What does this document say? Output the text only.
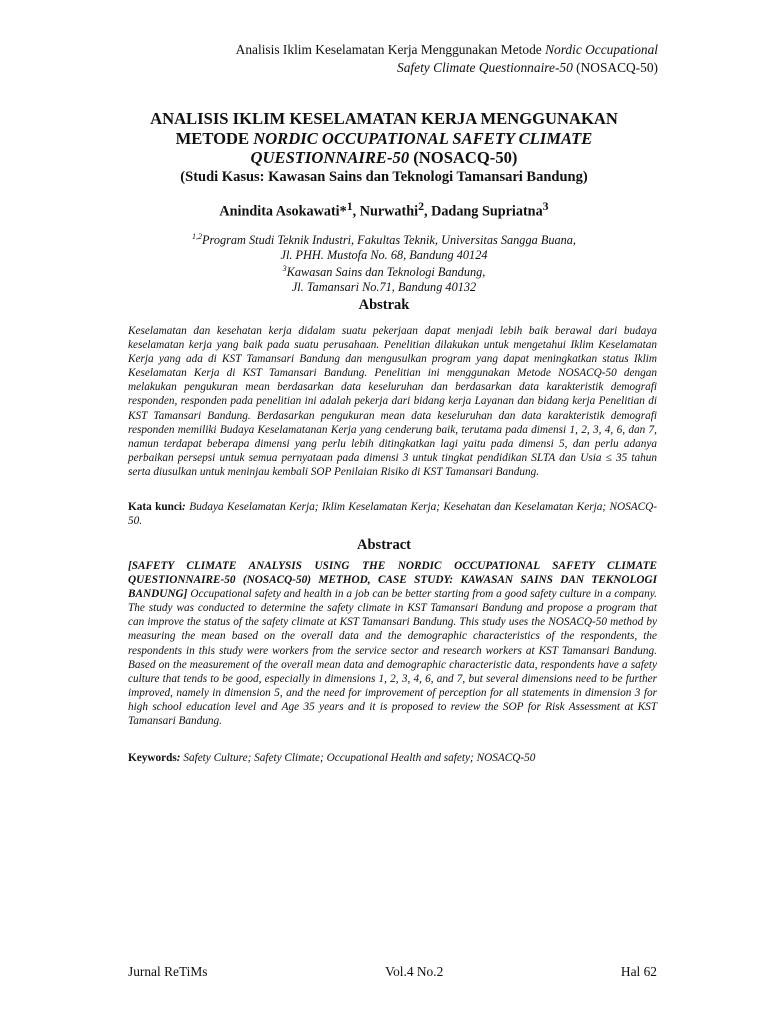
Analisis Iklim Keselamatan Kerja Menggunakan Metode Nordic Occupational
Safety Climate Questionnaire-50 (NOSACQ-50)
ANALISIS IKLIM KESELAMATAN KERJA MENGGUNAKAN
METODE NORDIC OCCUPATIONAL SAFETY CLIMATE
QUESTIONNAIRE-50 (NOSACQ-50)
(Studi Kasus: Kawasan Sains dan Teknologi Tamansari Bandung)
Anindita Asokawati*$^1$, Nurwathi$^2$, Dadang Supriatna$^3$
$^{1,2}$Program Studi Teknik Industri, Fakultas Teknik, Universitas Sangga Buana,
Jl. PHH. Mustofa No. 68, Bandung 40124
$^3$Kawasan Sains dan Teknologi Bandung,
Jl. Tamansari No.71, Bandung 40132
Abstrak
Keselamatan dan kesehatan kerja didalam suatu pekerjaan dapat menjadi lebih baik berawal dari budaya keselamatan kerja yang baik pada suatu perusahaan. Penelitian dilakukan untuk mengetahui Iklim Keselamatan Kerja yang ada di KST Tamansari Bandung dan mengusulkan program yang dapat meningkatkan status Iklim Keselamatan Kerja di KST Tamansari Bandung. Penelitian ini menggunakan Metode NOSACQ-50 dengan melakukan pengukuran mean berdasarkan data keseluruhan dan berdasarkan data karakteristik demografi responden, responden pada penelitian ini adalah pekerja dari bidang kerja Layanan dan bidang kerja Penelitian di KST Tamansari Bandung. Berdasarkan pengukuran mean data keseluruhan dan data karakteristik demografi responden memiliki Budaya Keselamatanan Kerja yang cenderung baik, terutama pada dimensi 1, 2, 3, 4, 6, dan 7, namun terdapat beberapa dimensi yang perlu lebih ditingkatkan lagi yaitu pada dimensi 5, dan perlu adanya perbaikan persepsi untuk semua pernyataan pada dimensi 3 untuk tingkat pendidikan SLTA dan Usia ≤ 35 tahun serta diusulkan untuk meninjau kembali SOP Penilaian Risiko di KST Tamansari Bandung.
Kata kunci: Budaya Keselamatan Kerja; Iklim Keselamatan Kerja; Kesehatan dan Keselamatan Kerja; NOSACQ-50.
Abstract
[SAFETY CLIMATE ANALYSIS USING THE NORDIC OCCUPATIONAL SAFETY CLIMATE QUESTIONNAIRE-50 (NOSACQ-50) METHOD, CASE STUDY: KAWASAN SAINS DAN TEKNOLOGI BANDUNG] Occupational safety and health in a job can be better starting from a good safety culture in a company. The study was conducted to determine the safety climate in KST Tamansari Bandung and propose a program that can improve the status of the safety climate at KST Tamansari Bandung. This study uses the NOSACQ-50 method by measuring the mean based on the overall data and the demographic characteristics of the respondents, the respondents in this study were workers from the service sector and research workers at KST Tamansari Bandung. Based on the measurement of the overall mean data and demographic characteristic data, respondents have a safety culture that tends to be good, especially in dimensions 1, 2, 3, 4, 6, and 7, but several dimensions need to be further improved, namely in dimension 5, and the need for improvement of perception for all statements in dimension 3 for high school education level and Age 35 years and it is proposed to review the SOP for Risk Assessment at KST Tamansari Bandung.
Keywords: Safety Culture; Safety Climate; Occupational Health and safety; NOSACQ-50
Jurnal ReTiMs	Vol.4 No.2	Hal 62
